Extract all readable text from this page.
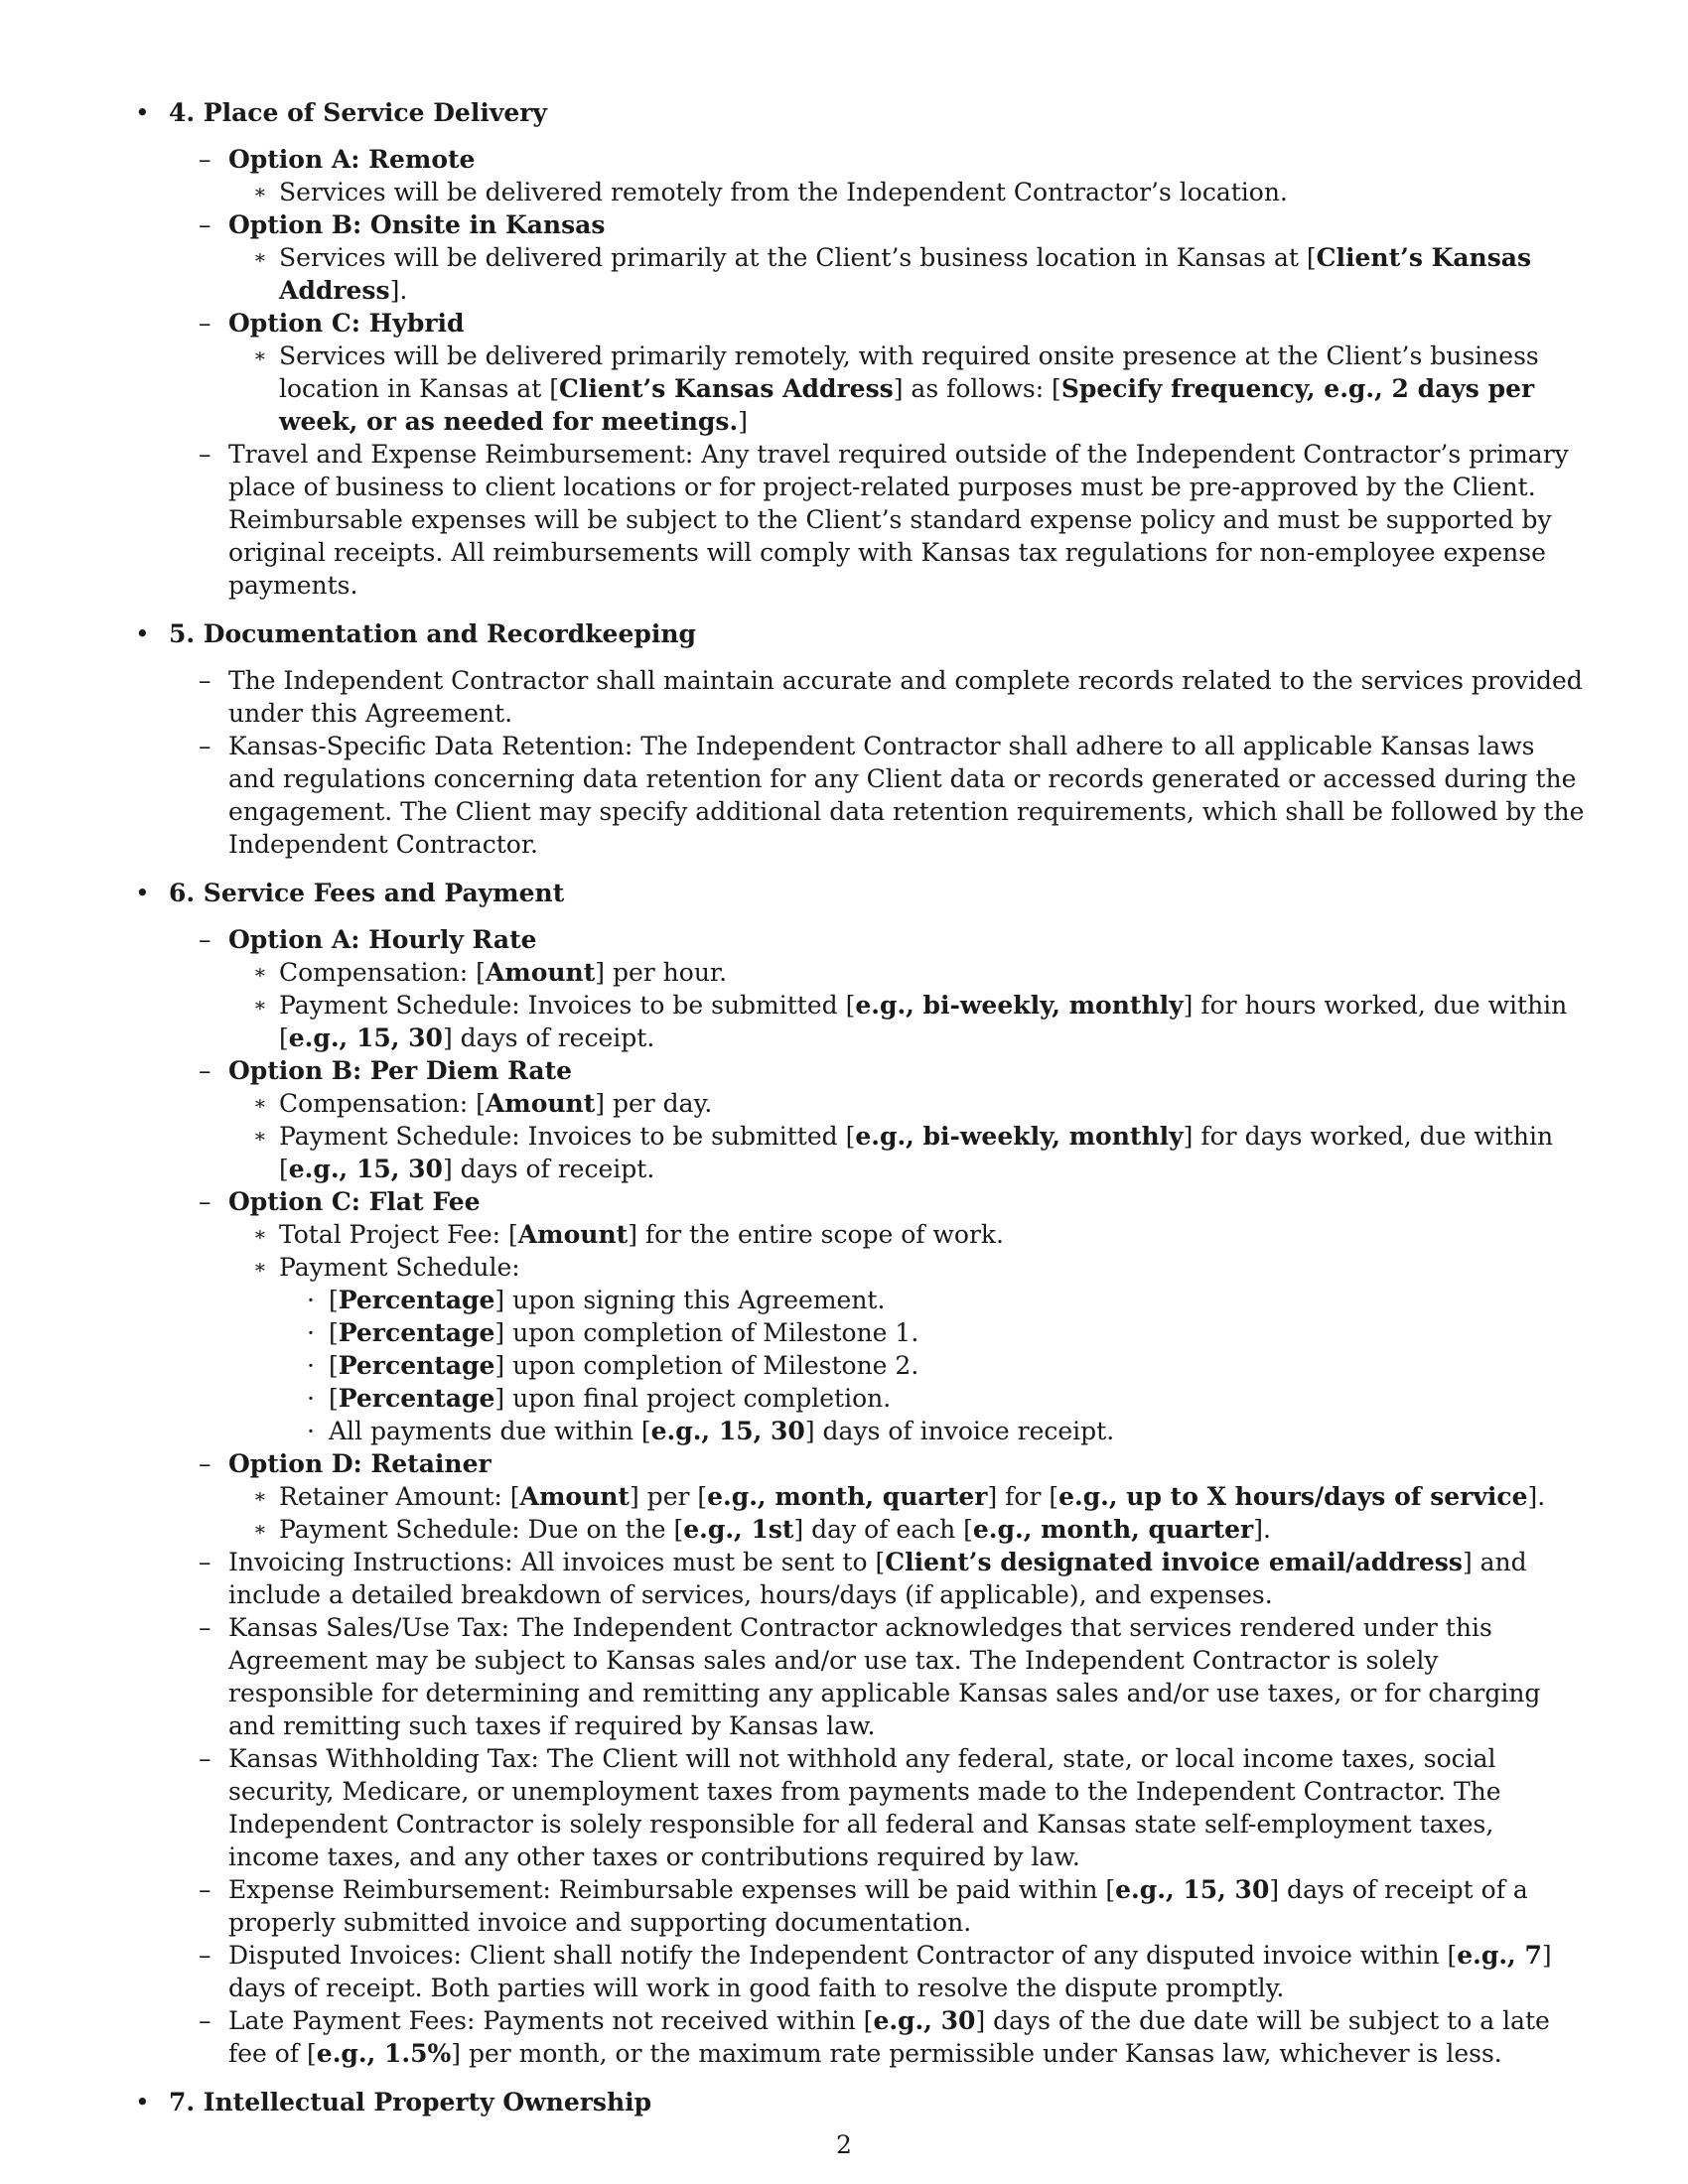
• 4. Place of Service Delivery
– Option A: Remote
∗ Services will be delivered remotely from the Independent Contractor’s location.
– Option B: Onsite in Kansas
∗ Services will be delivered primarily at the Client’s business location in Kansas at [Client’s Kansas Address].
– Option C: Hybrid
∗ Services will be delivered primarily remotely, with required onsite presence at the Client’s business location in Kansas at [Client’s Kansas Address] as follows: [Specify frequency, e.g., 2 days per week, or as needed for meetings.]
– Travel and Expense Reimbursement: Any travel required outside of the Independent Contractor’s primary place of business to client locations or for project-related purposes must be pre-approved by the Client. Reimbursable expenses will be subject to the Client’s standard expense policy and must be supported by original receipts. All reimbursements will comply with Kansas tax regulations for non-employee expense payments.
• 5. Documentation and Recordkeeping
– The Independent Contractor shall maintain accurate and complete records related to the services provided under this Agreement.
– Kansas-Specific Data Retention: The Independent Contractor shall adhere to all applicable Kansas laws and regulations concerning data retention for any Client data or records generated or accessed during the engagement. The Client may specify additional data retention requirements, which shall be followed by the Independent Contractor.
• 6. Service Fees and Payment
– Option A: Hourly Rate
∗ Compensation: [Amount] per hour.
∗ Payment Schedule: Invoices to be submitted [e.g., bi-weekly, monthly] for hours worked, due within [e.g., 15, 30] days of receipt.
– Option B: Per Diem Rate
∗ Compensation: [Amount] per day.
∗ Payment Schedule: Invoices to be submitted [e.g., bi-weekly, monthly] for days worked, due within [e.g., 15, 30] days of receipt.
– Option C: Flat Fee
∗ Total Project Fee: [Amount] for the entire scope of work.
∗ Payment Schedule:
· [Percentage] upon signing this Agreement.
· [Percentage] upon completion of Milestone 1.
· [Percentage] upon completion of Milestone 2.
· [Percentage] upon final project completion.
· All payments due within [e.g., 15, 30] days of invoice receipt.
– Option D: Retainer
∗ Retainer Amount: [Amount] per [e.g., month, quarter] for [e.g., up to X hours/days of service].
∗ Payment Schedule: Due on the [e.g., 1st] day of each [e.g., month, quarter].
– Invoicing Instructions: All invoices must be sent to [Client’s designated invoice email/address] and include a detailed breakdown of services, hours/days (if applicable), and expenses.
– Kansas Sales/Use Tax: The Independent Contractor acknowledges that services rendered under this Agreement may be subject to Kansas sales and/or use tax. The Independent Contractor is solely responsible for determining and remitting any applicable Kansas sales and/or use taxes, or for charging and remitting such taxes if required by Kansas law.
– Kansas Withholding Tax: The Client will not withhold any federal, state, or local income taxes, social security, Medicare, or unemployment taxes from payments made to the Independent Contractor. The Independent Contractor is solely responsible for all federal and Kansas state self-employment taxes, income taxes, and any other taxes or contributions required by law.
– Expense Reimbursement: Reimbursable expenses will be paid within [e.g., 15, 30] days of receipt of a properly submitted invoice and supporting documentation.
– Disputed Invoices: Client shall notify the Independent Contractor of any disputed invoice within [e.g., 7] days of receipt. Both parties will work in good faith to resolve the dispute promptly.
– Late Payment Fees: Payments not received within [e.g., 30] days of the due date will be subject to a late fee of [e.g., 1.5%] per month, or the maximum rate permissible under Kansas law, whichever is less.
• 7. Intellectual Property Ownership
2
